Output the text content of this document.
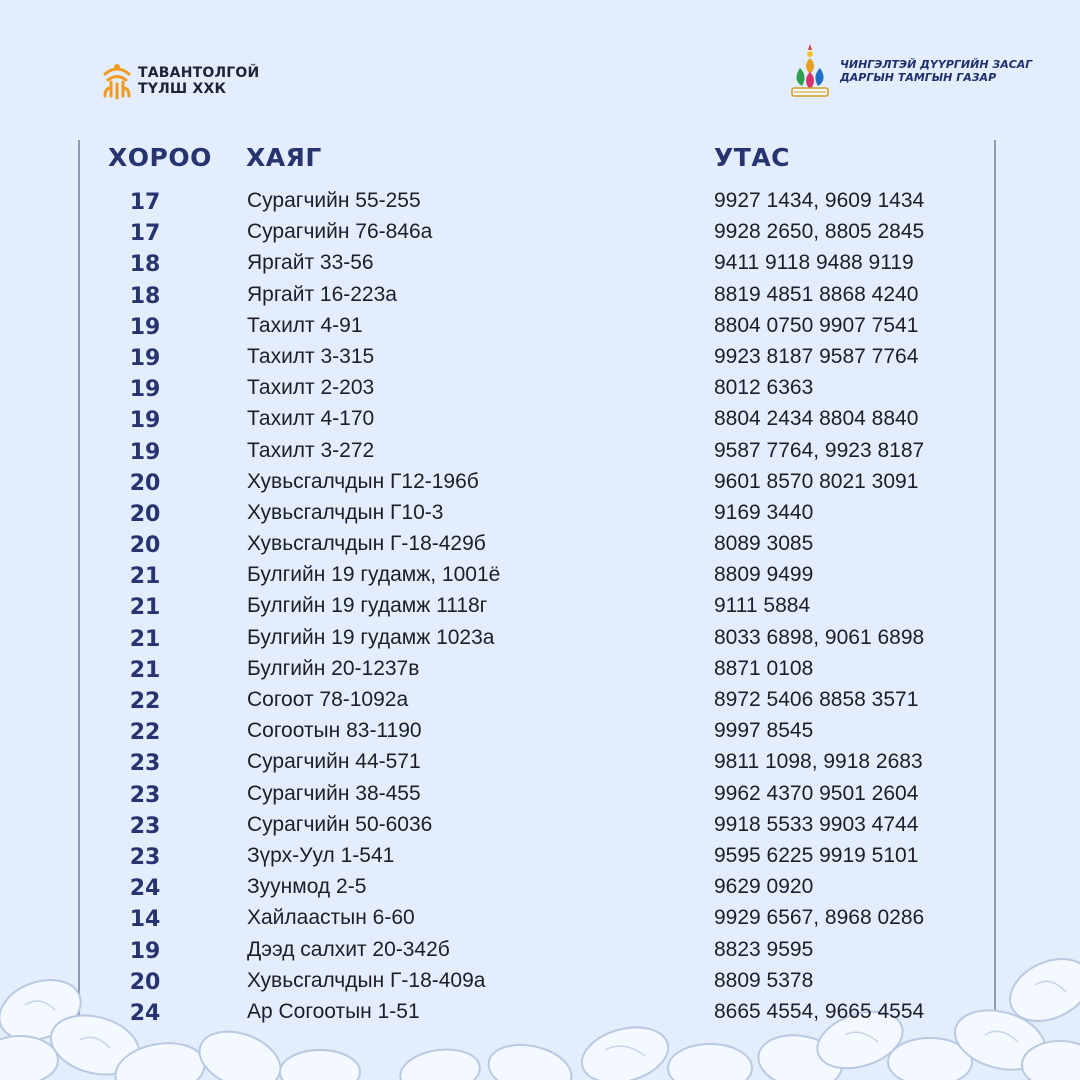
ТАВАНТОЛГОЙ
ТҮЛШ ХХК
ЧИНГЭЛТЭЙ ДҮҮРГИЙН ЗАСАГ
ДАРГЫН ТАМГЫН ГАЗАР
ХОРОО ХАЯГ	УТАС
17	Сурагчийн 55-255	9927 1434, 9609 1434
17	Сурагчийн 76-846а	9928 2650, 8805 2845
18	Яргайт 33-56	9411 9118 9488 9119
18	Яргайт 16-223а	8819 4851 8868 4240
19	Тахилт 4-91	8804 0750 9907 7541
19	Тахилт 3-315	9923 8187 9587 7764
19	Тахилт 2-203	8012 6363
19	Тахилт 4-170	8804 2434 8804 8840
19	Тахилт 3-272	9587 7764, 9923 8187
20	Хувьсгалчдын Г12-196б	9601 8570 8021 3091
20	Хувьсгалчдын Г10-3	9169 3440
20	Хувьсгалчдын Г-18-429б	8089 3085
21	Булгийн 19 гудамж, 1001ё	8809 9499
21	Булгийн 19 гудамж 1118г	9111 5884
21	Булгийн 19 гудамж 1023а	8033 6898, 9061 6898
21	Булгийн 20-1237в	8871 0108
22	Согоот 78-1092а	8972 5406 8858 3571
22	Согоотын 83-1190	9997 8545
23	Сурагчийн 44-571	9811 1098, 9918 2683
23	Сурагчийн 38-455	9962 4370 9501 2604
23	Сурагчийн 50-6036	9918 5533 9903 4744
23	Зүрх-Уул 1-541	9595 6225 9919 5101
24	Зуунмод 2-5	9629 0920
14	Хайлаастын 6-60	9929 6567, 8968 0286
19	Дээд салхит 20-342б	8823 9595
20	Хувьсгалчдын Г-18-409а	8809 5378
24	Ар Согоотын 1-51	8665 4554, 9665 4554
